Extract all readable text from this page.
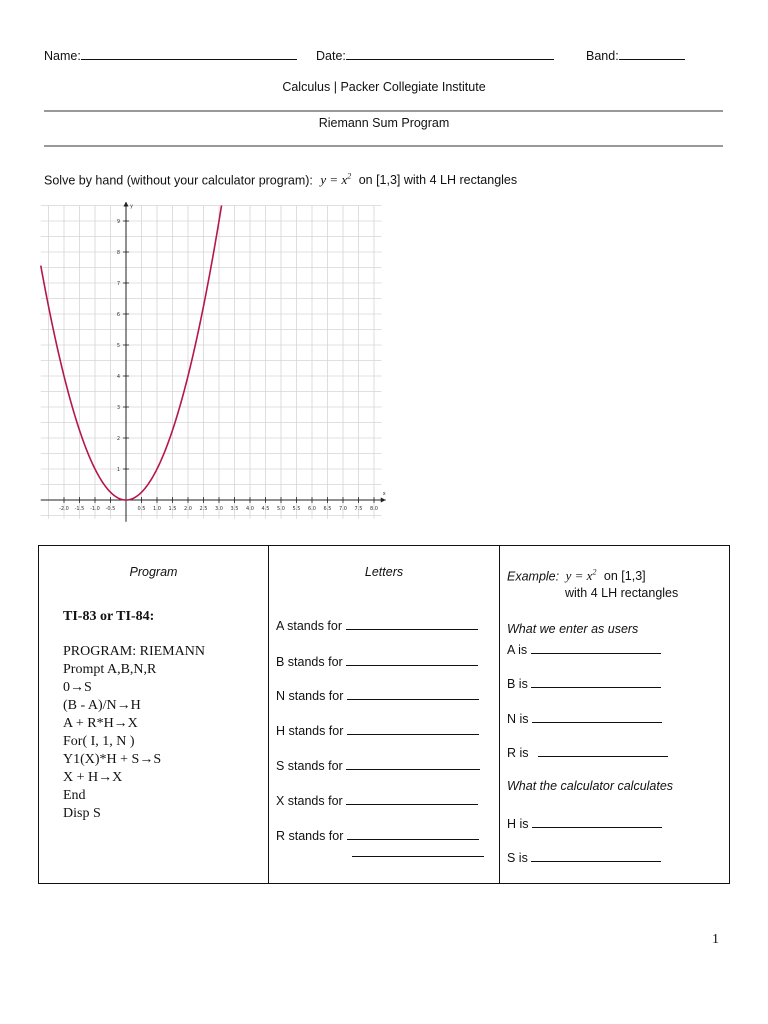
Name:	Date:	Band:
Calculus | Packer Collegiate Institute
Riemann Sum Program
Solve by hand (without your calculator program): $y = x^2$ on [1,3] with 4 LH rectangles
-2.0 -1.5 -1.0 -0.5	0.5 1.0 1.5 2.0 2.5 3.0 3.5 4.0 4.5 5.0 5.5 6.0 6.5 7.0 7.5 8.0
1
2
3
4
5
6
7
8
9
x
y
Program
TI-83 or TI-84:
PROGRAM: RIEMANN
Prompt A,B,N,R
0→S
(B - A)/N→H
A + R*H→X
For( I, 1, N )
Y1(X)*H + S→S
X + H→X
End
Disp S

Letters
A stands for
B stands for
N stands for
H stands for
S stands for
X stands for
R stands for

Example: $y = x^2$ on [1,3]
with 4 LH rectangles
What we enter as users
A is
B is
N is
R is
What the calculator calculates
H is
S is
1
